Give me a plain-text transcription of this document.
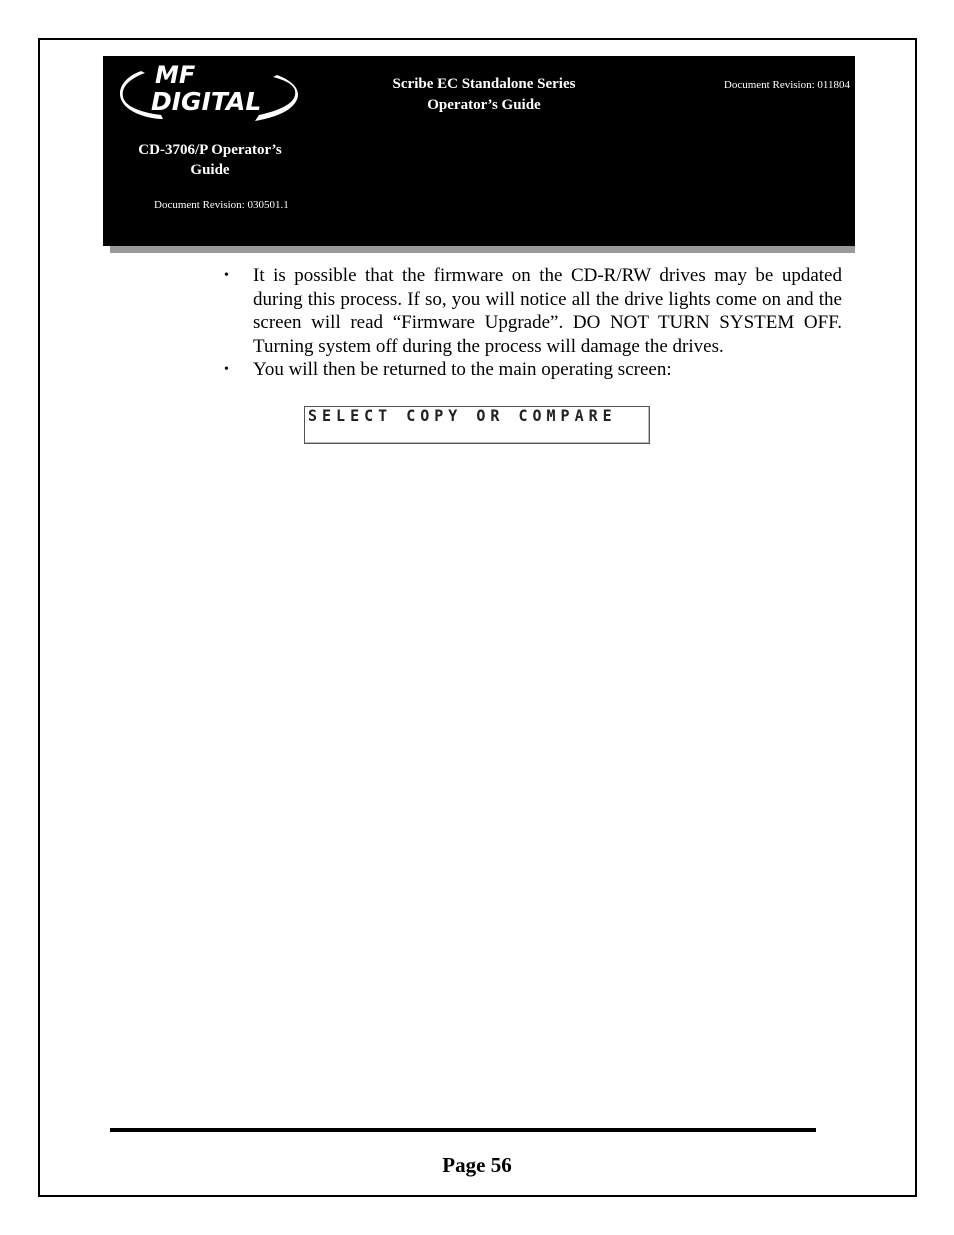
MF
DIGITAL
Scribe EC Standalone Series
Operator’s Guide
Document Revision: 011804
CD-3706/P Operator’s
Guide
Document Revision: 030501.1
• It is possible that the firmware on the CD-R/RW drives may be updated during this process. If so, you will notice all the drive lights come on and the screen will read “Firmware Upgrade”. DO NOT TURN SYSTEM OFF. Turning system off during the process will damage the drives.
• You will then be returned to the main operating screen:
SELECT COPY OR COMPARE
Page 56
